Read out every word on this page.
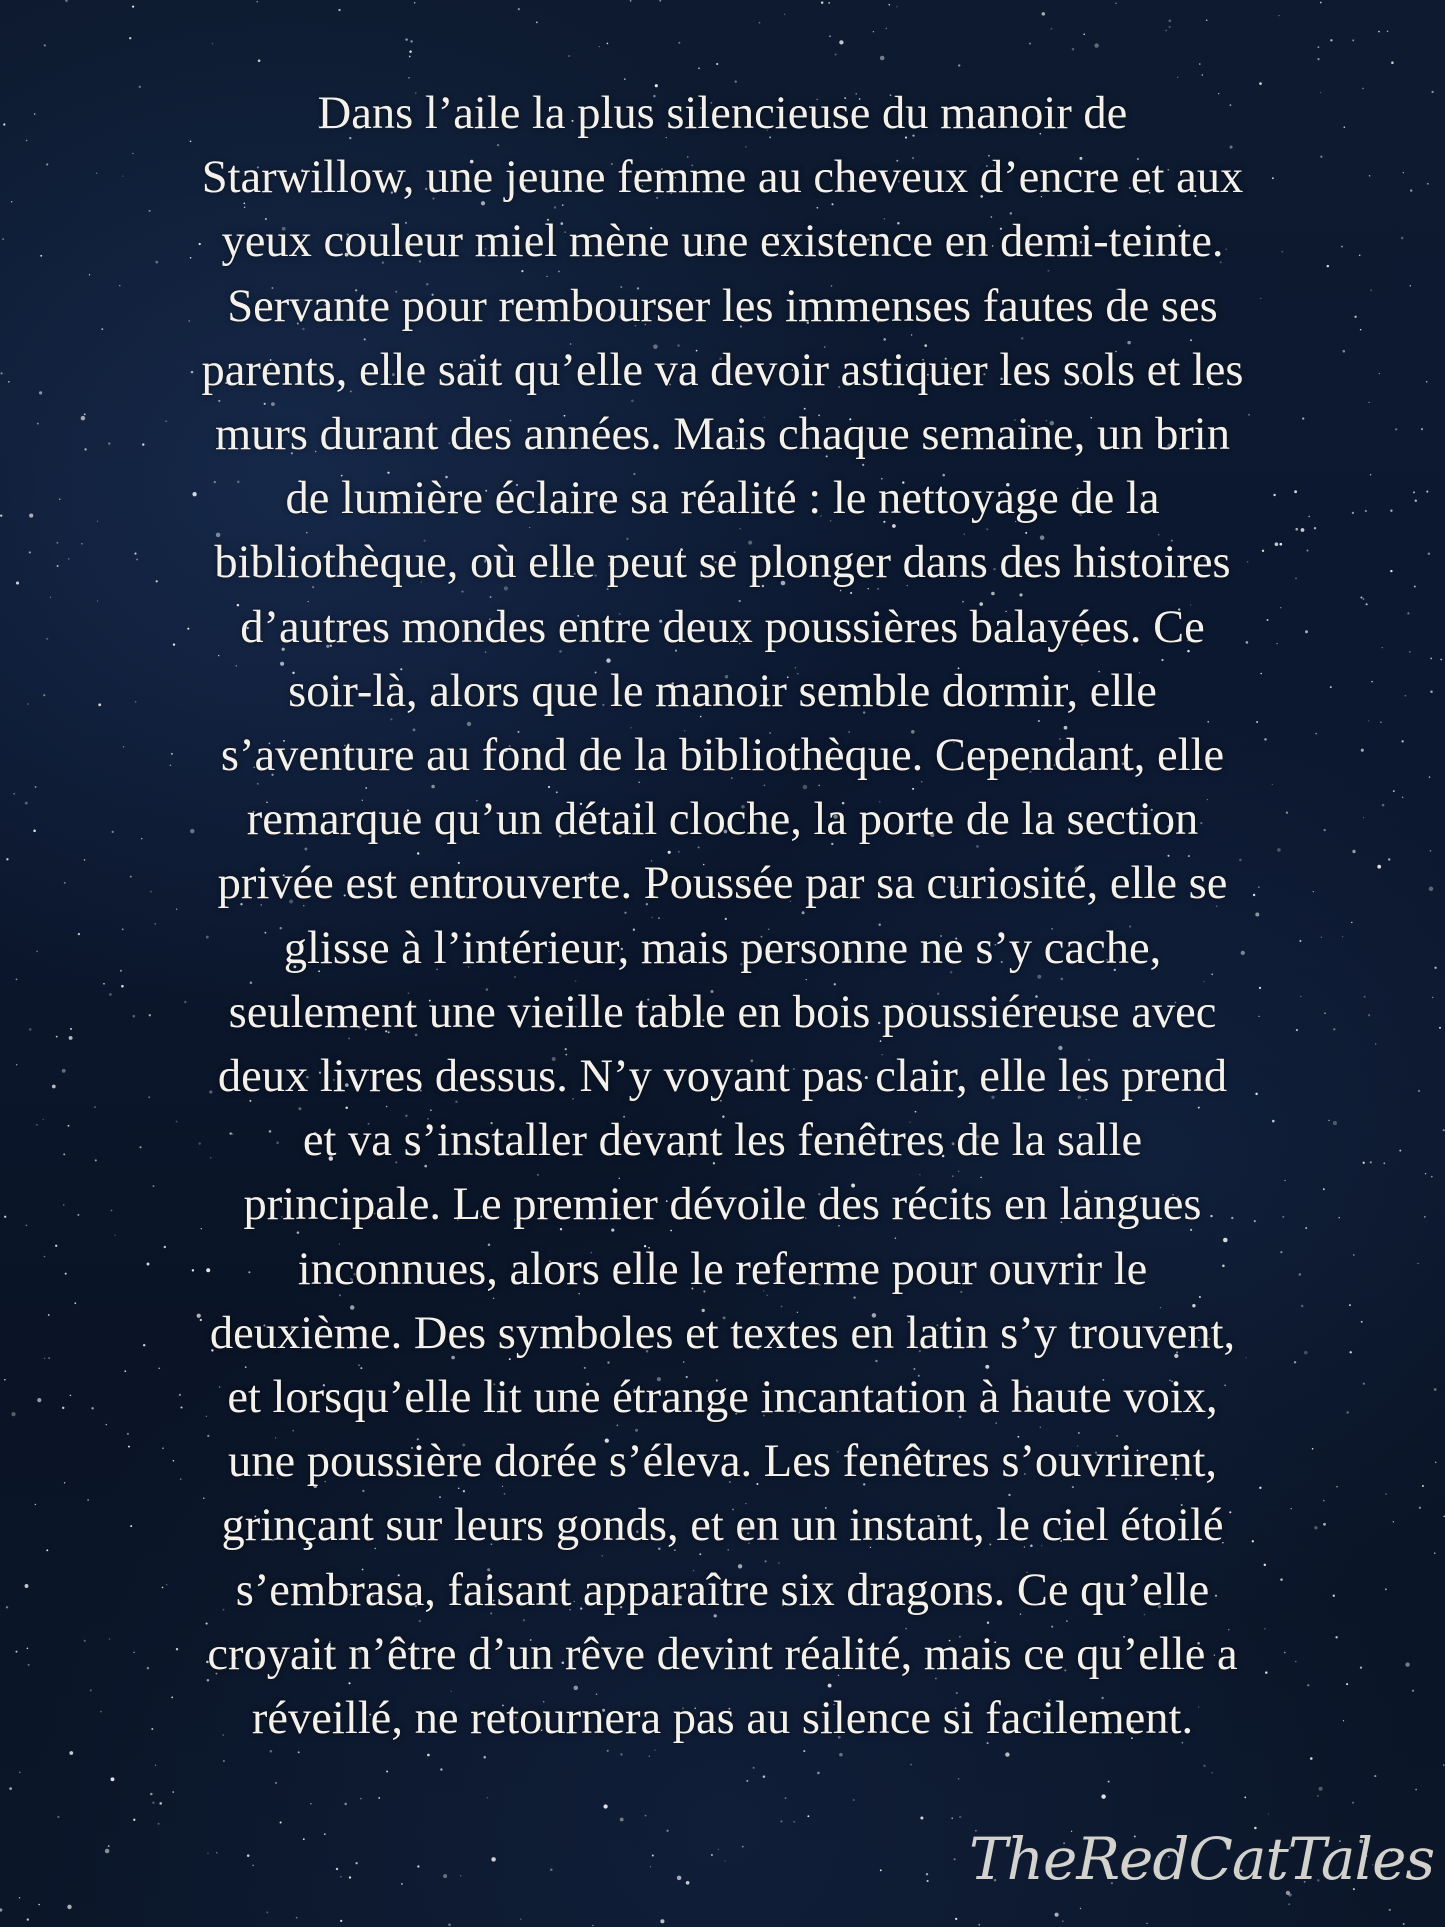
Dans l’aile la plus silencieuse du manoir de
Starwillow, une jeune femme au cheveux d’encre et aux
yeux couleur miel mène une existence en demi-teinte.
Servante pour rembourser les immenses fautes de ses
parents, elle sait qu’elle va devoir astiquer les sols et les
murs durant des années. Mais chaque semaine, un brin
de lumière éclaire sa réalité : le nettoyage de la
bibliothèque, où elle peut se plonger dans des histoires
d’autres mondes entre deux poussières balayées. Ce
soir-là, alors que le manoir semble dormir, elle
s’aventure au fond de la bibliothèque. Cependant, elle
remarque qu’un détail cloche, la porte de la section
privée est entrouverte. Poussée par sa curiosité, elle se
glisse à l’intérieur, mais personne ne s’y cache,
seulement une vieille table en bois poussiéreuse avec
deux livres dessus. N’y voyant pas clair, elle les prend
et va s’installer devant les fenêtres de la salle
principale. Le premier dévoile des récits en langues
inconnues, alors elle le referme pour ouvrir le
deuxième. Des symboles et textes en latin s’y trouvent,
et lorsqu’elle lit une étrange incantation à haute voix,
une poussière dorée s’éleva. Les fenêtres s’ouvrirent,
grinçant sur leurs gonds, et en un instant, le ciel étoilé
s’embrasa, faisant apparaître six dragons. Ce qu’elle
croyait n’être d’un rêve devint réalité, mais ce qu’elle a
réveillé, ne retournera pas au silence si facilement.

TheRedCatTales
